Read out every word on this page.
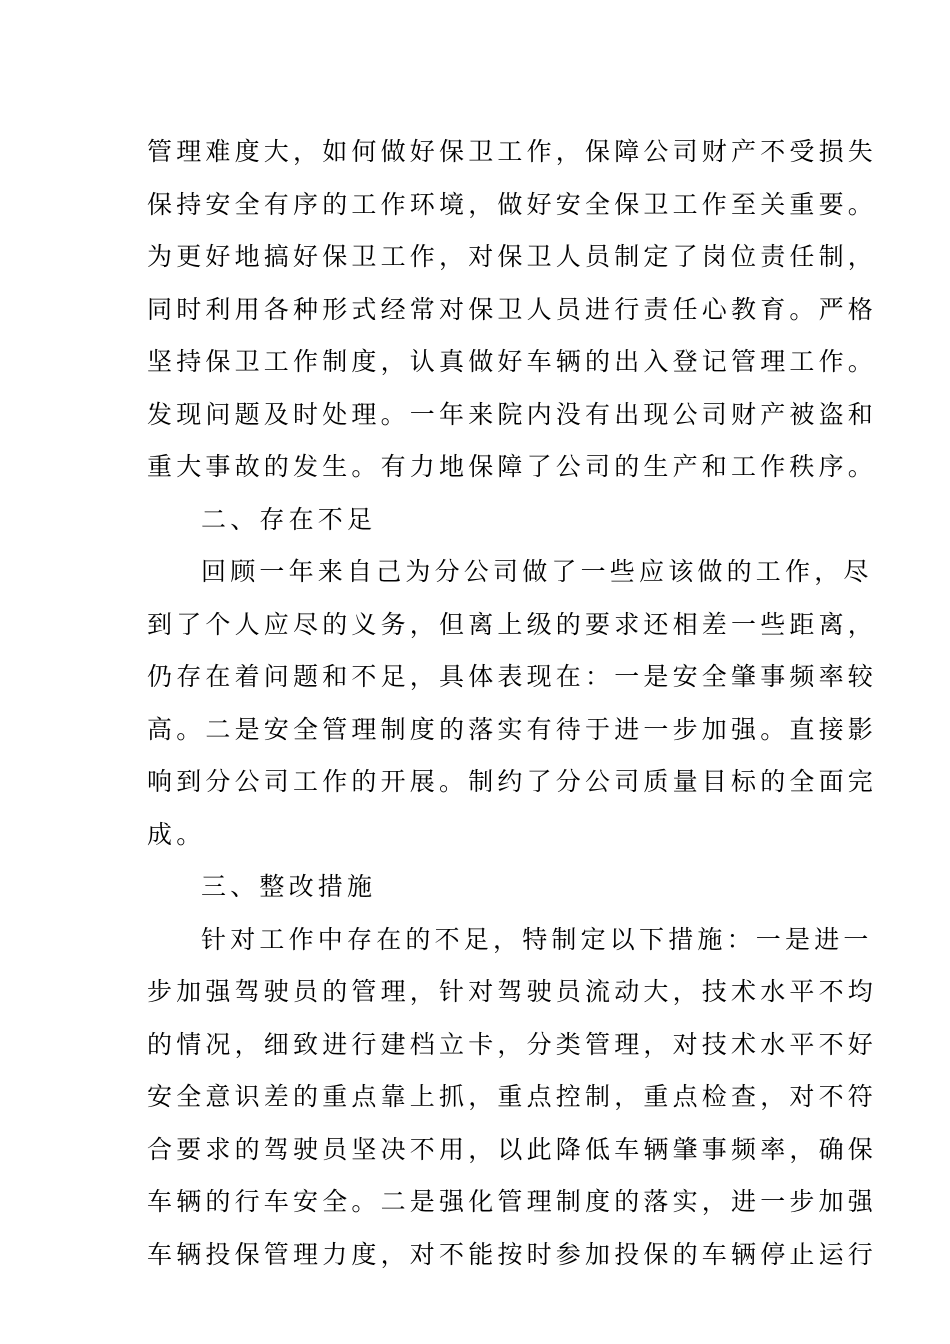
管理难度大，如何做好保卫工作，保障公司财产不受损失
保持安全有序的工作环境，做好安全保卫工作至关重要。
为更好地搞好保卫工作，对保卫人员制定了岗位责任制，
同时利用各种形式经常对保卫人员进行责任心教育。严格
坚持保卫工作制度，认真做好车辆的出入登记管理工作。
发现问题及时处理。一年来院内没有出现公司财产被盗和
重大事故的发生。有力地保障了公司的生产和工作秩序。
二、存在不足
回顾一年来自己为分公司做了一些应该做的工作，尽
到了个人应尽的义务，但离上级的要求还相差一些距离，
仍存在着问题和不足，具体表现在：一是安全肇事频率较
高。二是安全管理制度的落实有待于进一步加强。直接影
响到分公司工作的开展。制约了分公司质量目标的全面完
成。
三、整改措施
针对工作中存在的不足，特制定以下措施：一是进一
步加强驾驶员的管理，针对驾驶员流动大，技术水平不均
的情况，细致进行建档立卡，分类管理，对技术水平不好
安全意识差的重点靠上抓，重点控制，重点检查，对不符
合要求的驾驶员坚决不用，以此降低车辆肇事频率，确保
车辆的行车安全。二是强化管理制度的落实，进一步加强
车辆投保管理力度，对不能按时参加投保的车辆停止运行
